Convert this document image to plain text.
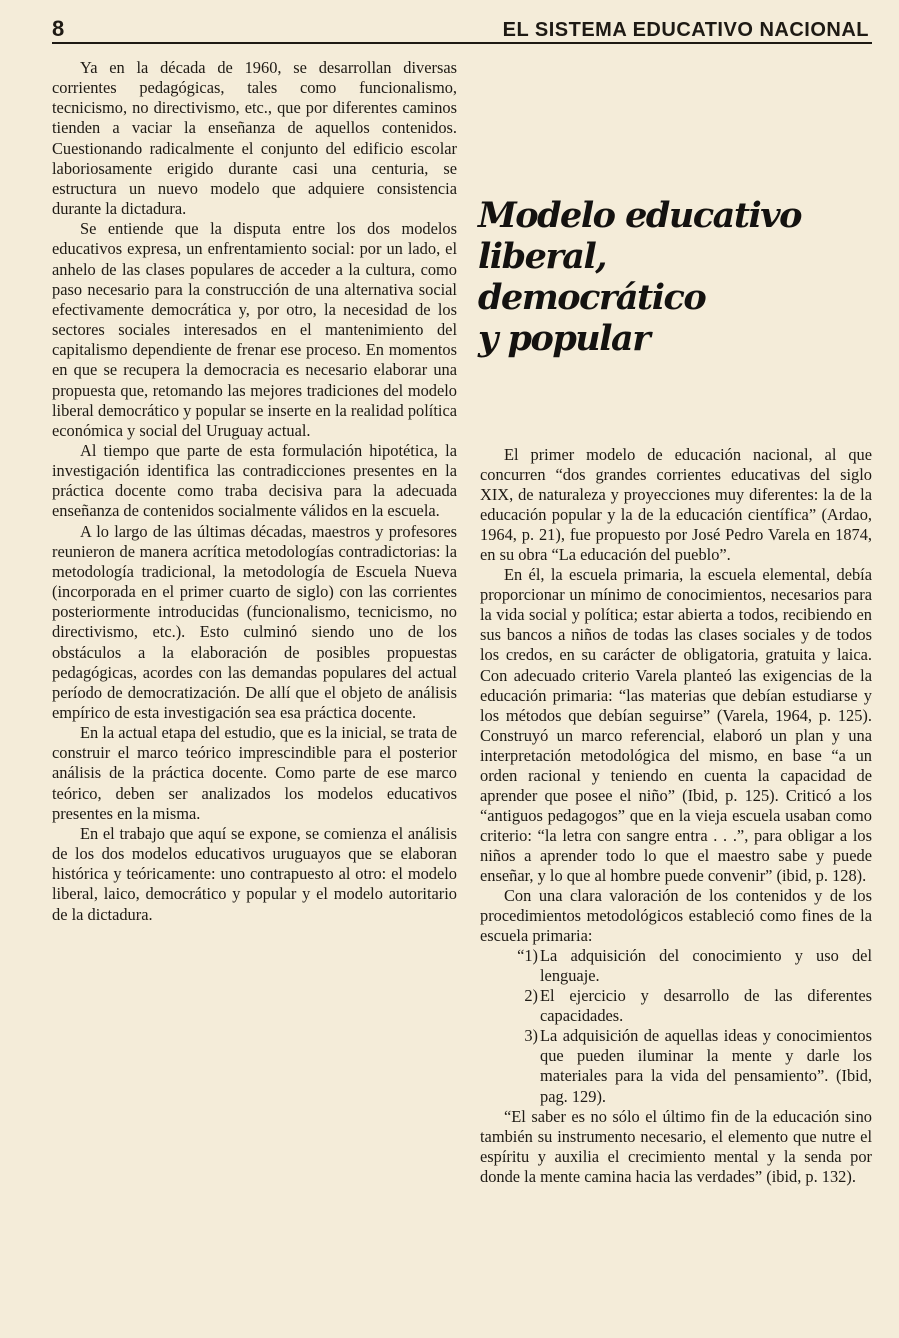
8	EL SISTEMA EDUCATIVO NACIONAL

Ya en la década de 1960, se desarrollan diversas corrientes pedagógicas, tales como funcionalismo, tecnicismo, no directivismo, etc., que por diferentes caminos tienden a vaciar la enseñanza de aquellos contenidos. Cuestionando radicalmente el conjunto del edificio escolar laboriosamente erigido durante casi una centuria, se estructura un nuevo modelo que adquiere consistencia durante la dictadura.

Se entiende que la disputa entre los dos modelos educativos expresa, un enfrentamiento social: por un lado, el anhelo de las clases populares de acceder a la cultura, como paso necesario para la construcción de una alternativa social efectivamente democrática y, por otro, la necesidad de los sectores sociales interesados en el mantenimiento del capitalismo dependiente de frenar ese proceso. En momentos en que se recupera la democracia es necesario elaborar una propuesta que, retomando las mejores tradiciones del modelo liberal democrático y popular se inserte en la realidad política económica y social del Uruguay actual.

Al tiempo que parte de esta formulación hipotética, la investigación identifica las contradicciones presentes en la práctica docente como traba decisiva para la adecuada enseñanza de contenidos socialmente válidos en la escuela.

A lo largo de las últimas décadas, maestros y profesores reunieron de manera acrítica metodologías contradictorias: la metodología tradicional, la metodología de Escuela Nueva (incorporada en el primer cuarto de siglo) con las corrientes posteriormente introducidas (funcionalismo, tecnicismo, no directivismo, etc.). Esto culminó siendo uno de los obstáculos a la elaboración de posibles propuestas pedagógicas, acordes con las demandas populares del actual período de democratización. De allí que el objeto de análisis empírico de esta investigación sea esa práctica docente.

En la actual etapa del estudio, que es la inicial, se trata de construir el marco teórico imprescindible para el posterior análisis de la práctica docente. Como parte de ese marco teórico, deben ser analizados los modelos educativos presentes en la misma.

En el trabajo que aquí se expone, se comienza el análisis de los dos modelos educativos uruguayos que se elaboran histórica y teóricamente: uno contrapuesto al otro: el modelo liberal, laico, democrático y popular y el modelo autoritario de la dictadura.

Modelo educativo
liberal,
democrático
y popular

El primer modelo de educación nacional, al que concurren “dos grandes corrientes educativas del siglo XIX, de naturaleza y proyecciones muy diferentes: la de la educación popular y la de la educación científica” (Ardao, 1964, p. 21), fue propuesto por José Pedro Varela en 1874, en su obra “La educación del pueblo”.

En él, la escuela primaria, la escuela elemental, debía proporcionar un mínimo de conocimientos, necesarios para la vida social y política; estar abierta a todos, recibiendo en sus bancos a niños de todas las clases sociales y de todos los credos, en su carácter de obligatoria, gratuita y laica. Con adecuado criterio Varela planteó las exigencias de la educación primaria: “las materias que debían estudiarse y los métodos que debían seguirse” (Varela, 1964, p. 125). Construyó un marco referencial, elaboró un plan y una interpretación metodológica del mismo, en base “a un orden racional y teniendo en cuenta la capacidad de aprender que posee el niño” (Ibid, p. 125). Criticó a los “antiguos pedagogos” que en la vieja escuela usaban como criterio: “la letra con sangre entra . . .”, para obligar a los niños a aprender todo lo que el maestro sabe y puede enseñar, y lo que al hombre puede convenir” (ibid, p. 128).

Con una clara valoración de los contenidos y de los procedimientos metodológicos estableció como fines de la escuela primaria:

“1) La adquisición del conocimiento y uso del lenguaje.
2) El ejercicio y desarrollo de las diferentes capacidades.
3) La adquisición de aquellas ideas y conocimientos que pueden iluminar la mente y darle los materiales para la vida del pensamiento”. (Ibid, pag. 129).

“El saber es no sólo el último fin de la educación sino también su instrumento necesario, el elemento que nutre el espíritu y auxilia el crecimiento mental y la senda por donde la mente camina hacia las verdades” (ibid, p. 132).
